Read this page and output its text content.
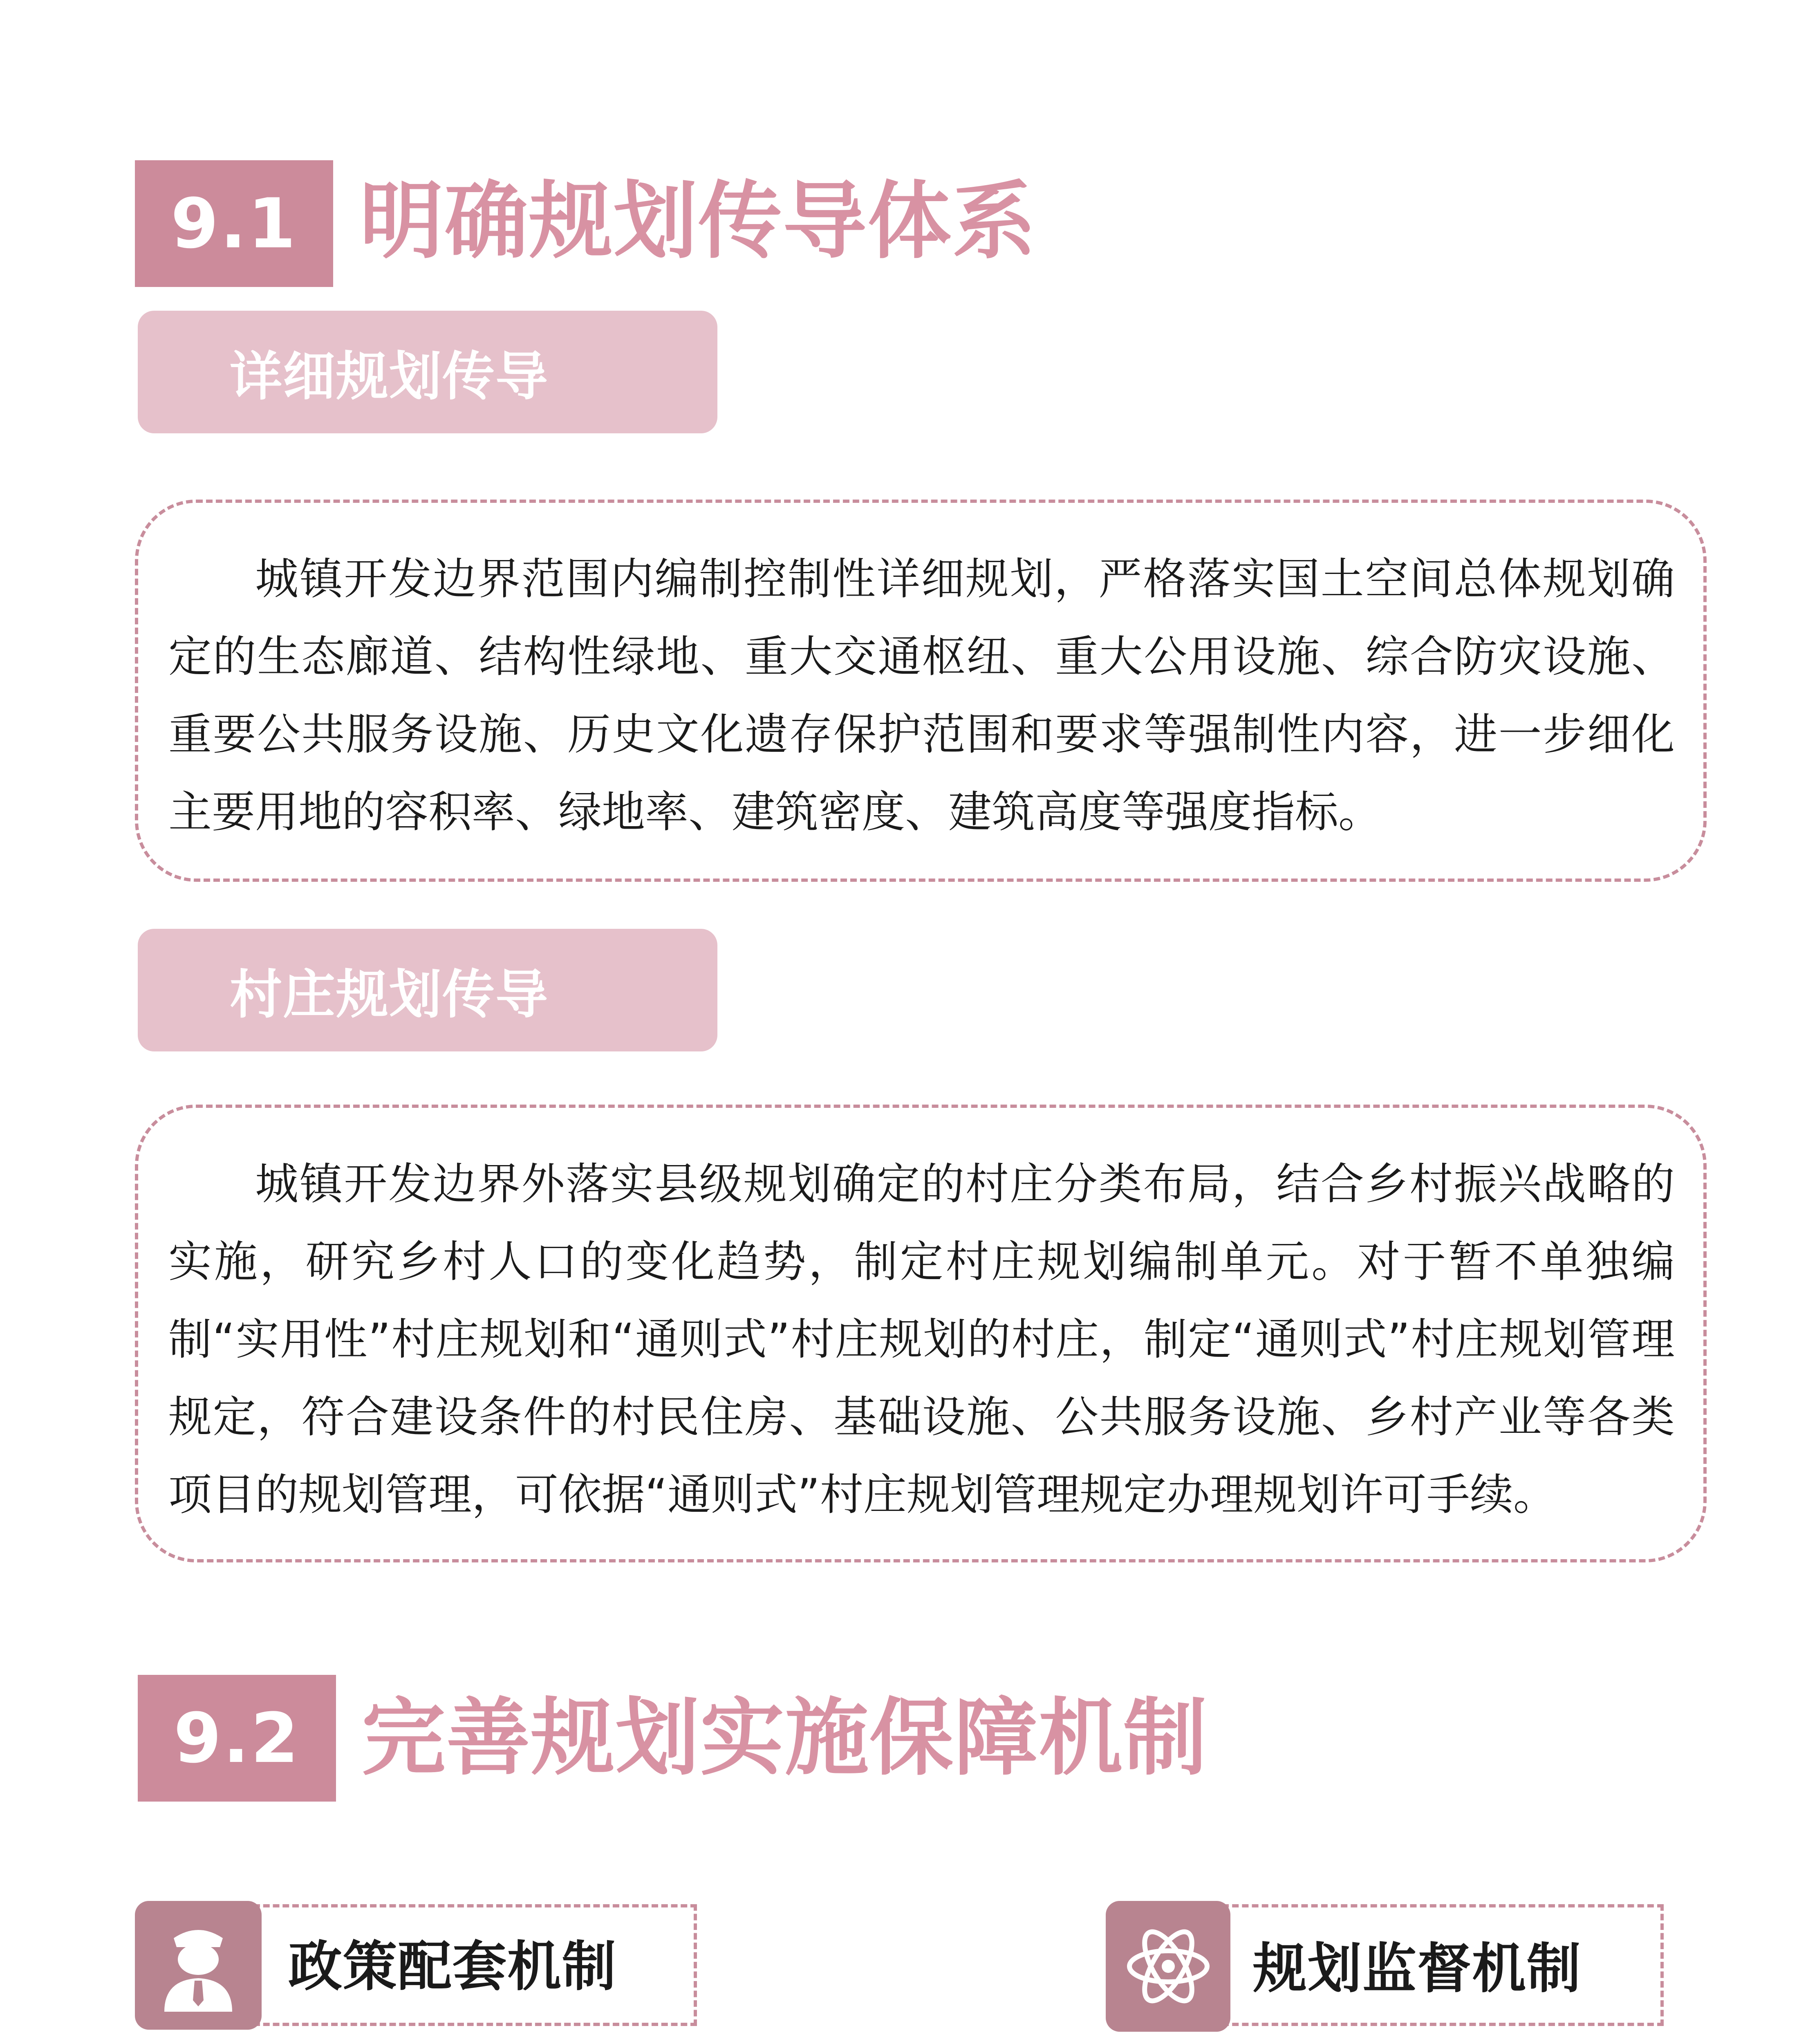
9.1 明确规划传导体系
详细规划传导

城镇开发边界范围内编制控制性详细规划，严格落实国土空间总体规划确定的生态廊道、结构性绿地、重大交通枢纽、重大公用设施、综合防灾设施、重要公共服务设施、历史文化遗存保护范围和要求等强制性内容，进一步细化主要用地的容积率、绿地率、建筑密度、建筑高度等强度指标。

村庄规划传导

城镇开发边界外落实县级规划确定的村庄分类布局，结合乡村振兴战略的实施，研究乡村人口的变化趋势，制定村庄规划编制单元。对于暂不单独编制“实用性”村庄规划和“通则式”村庄规划的村庄，制定“通则式”村庄规划管理规定，符合建设条件的村民住房、基础设施、公共服务设施、乡村产业等各类项目的规划管理，可依据“通则式”村庄规划管理规定办理规划许可手续。

9.2 完善规划实施保障机制
政策配套机制	规划监督机制
